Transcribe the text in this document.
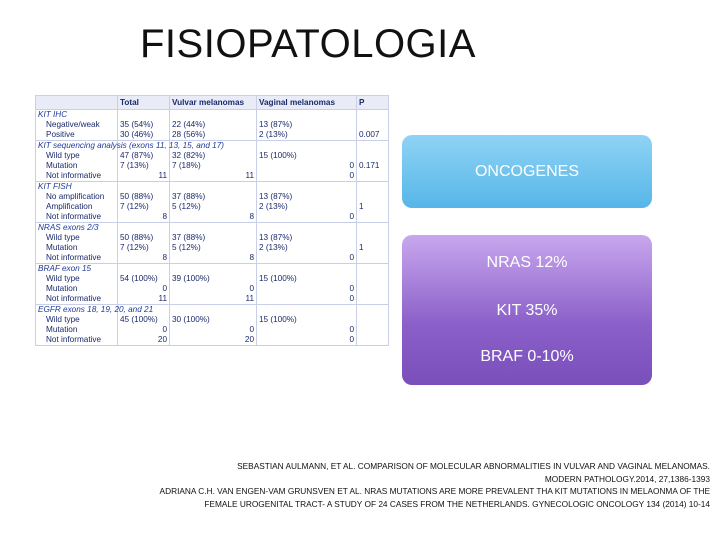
FISIOPATOLOGIA
	Total	Vulvar melanomas	Vaginal melanomas	P
KIT IHC				
Negative/weak	35 (54%)	22 (44%)	13 (87%)	
Positive	30 (46%)	28 (56%)	2 (13%)	0.007
KIT sequencing analysis (exons 11, 13, 15, and 17)				
Wild type	47 (87%)	32 (82%)	15 (100%)	
Mutation	7 (13%)	7 (18%)	0	0.171
Not informative	11	11	0	
KIT FISH				
No amplification	50 (88%)	37 (88%)	13 (87%)	
Amplification	7 (12%)	5 (12%)	2 (13%)	1
Not informative	8	8	0	
NRAS exons 2/3				
Wild type	50 (88%)	37 (88%)	13 (87%)	
Mutation	7 (12%)	5 (12%)	2 (13%)	1
Not informative	8	8	0	
BRAF exon 15				
Wild type	54 (100%)	39 (100%)	15 (100%)	
Mutation	0	0	0	
Not informative	11	11	0	
EGFR exons 18, 19, 20, and 21				
Wild type	45 (100%)	30 (100%)	15 (100%)	
Mutation	0	0	0	
Not informative	20	20	0	
ONCOGENES
NRAS 12%
KIT 35%
BRAF 0-10%
SEBASTIAN AULMANN, ET AL. COMPARISON OF MOLECULAR ABNORMALITIES IN VULVAR AND VAGINAL MELANOMAS.
MODERN PATHOLOGY.2014, 27,1386-1393
ADRIANA C.H. VAN ENGEN-VAM GRUNSVEN ET AL. NRAS MUTATIONS ARE MORE PREVALENT THA KIT MUTATIONS IN MELAONMA OF THE
FEMALE UROGENITAL TRACT- A STUDY OF 24 CASES FROM THE NETHERLANDS. GYNECOLOGIC ONCOLOGY 134 (2014) 10-14
